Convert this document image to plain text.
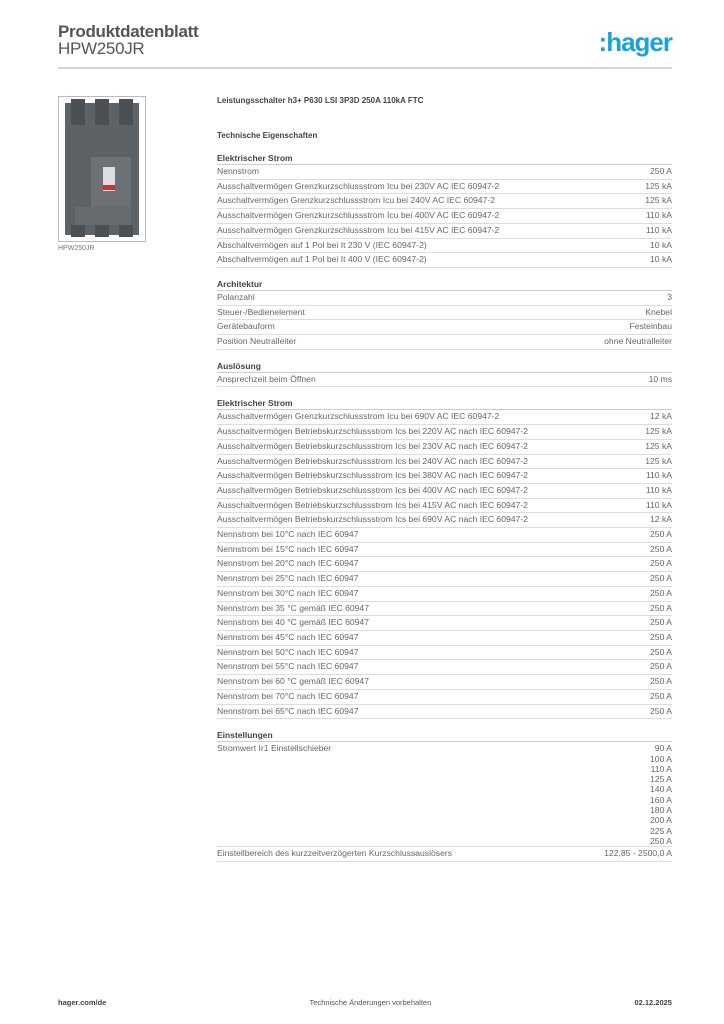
Produktdatenblatt
HPW250JR	:hager
HPW250JR
Leistungsschalter h3+ P630 LSI 3P3D 250A 110kA FTC
Technische Eigenschaften
Elektrischer Strom
Nennstrom	250 A
Ausschaltvermögen Grenzkurzschlussstrom Icu bei 230V AC IEC 60947-2	125 kA
Auschaltvermögen Grenzkurzschlussstrom Icu bei 240V AC IEC 60947-2	125 kA
Ausschaltvermögen Grenzkurzschlussstrom Icu bei 400V AC IEC 60947-2	110 kA
Ausschaltvermögen Grenzkurzschlussstrom Icu bei 415V AC IEC 60947-2	110 kA
Abschaltvermögen auf 1 Pol bei It 230 V (IEC 60947-2)	10 kA
Abschaltvermögen auf 1 Pol bei It 400 V (IEC 60947-2)	10 kA
Architektur
Polanzahl	3
Steuer-/Bedienelement	Knebel
Gerätebauform	Festeinbau
Position Neutralleiter	ohne Neutralleiter
Auslösung
Ansprechzeit beim Öffnen	10 ms
Elektrischer Strom
Ausschaltvermögen Grenzkurzschlussstrom Icu bei 690V AC IEC 60947-2	12 kA
Ausschaltvermögen Betriebskurzschlussstrom Ics bei 220V AC nach IEC 60947-2	125 kA
Ausschaltvermögen Betriebskurzschlussstrom Ics bei 230V AC nach IEC 60947-2	125 kA
Ausschaltvermögen Betriebskurzschlussstrom Ics bei 240V AC nach IEC 60947-2	125 kA
Ausschaltvermögen Betriebskurzschlussstrom Ics bei 380V AC nach IEC 60947-2	110 kA
Ausschaltvermögen Betriebskurzschlussstrom Ics bei 400V AC nach IEC 60947-2	110 kA
Ausschaltvermögen Betriebskurzschlussstrom Ics bei 415V AC nach IEC 60947-2	110 kA
Ausschaltvermögen Betriebskurzschlussstrom Ics bei 690V AC nach IEC 60947-2	12 kA
Nennstrom bei 10°C nach IEC 60947	250 A
Nennstrom bei 15°C nach IEC 60947	250 A
Nennstrom bei 20°C nach IEC 60947	250 A
Nennstrom bei 25°C nach IEC 60947	250 A
Nennstrom bei 30°C nach IEC 60947	250 A
Nennstrom bei 35 °C gemäß IEC 60947	250 A
Nennstrom bei 40 °C gemäß IEC 60947	250 A
Nennstrom bei 45°C nach IEC 60947	250 A
Nennstrom bei 50°C nach IEC 60947	250 A
Nennstrom bei 55°C nach IEC 60947	250 A
Nennstrom bei 60 °C gemäß IEC 60947	250 A
Nennstrom bei 70°C nach IEC 60947	250 A
Nennstrom bei 65°C nach IEC 60947	250 A
Einstellungen
Stromwert Ir1 Einstellschieber	90 A
100 A
110 A
125 A
140 A
160 A
180 A
200 A
225 A
250 A
Einstellbereich des kurzzeitverzögerten Kurzschlussauslösers	122,85 - 2500,0 A
hager.com/de	Technische Änderungen vorbehalten	02.12.2025
